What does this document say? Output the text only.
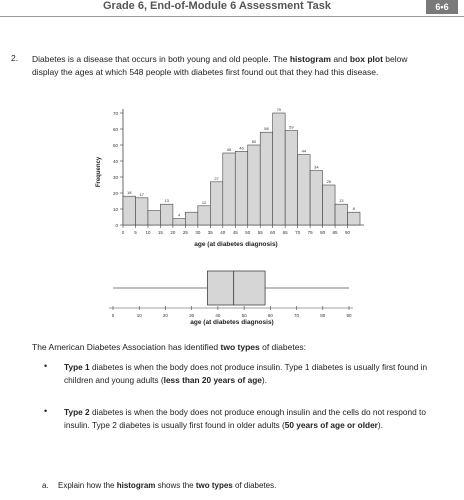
Grade 6, End-of-Module 6 Assessment Task	6•6
2. Diabetes is a disease that occurs in both young and old people. The histogram and box plot below display the ages at which 548 people with diabetes first found out that they had this disease.
Frequency
age (at diabetes diagnosis)
0
10
20
30
40
50
60
70
18 17
13
4
12
27
45 46
50
58
70
59
44
34
25
13
8
0 5 10 15 20 25 30 35 40 45 50 55 60 65 70 75 80 85 90
age (at diabetes diagnosis)
0	10	20	30	40	50	60	70	80	90
The American Diabetes Association has identified two types of diabetes:
• Type 1 diabetes is when the body does not produce insulin. Type 1 diabetes is usually first found in children and young adults (less than 20 years of age).
• Type 2 diabetes is when the body does not produce enough insulin and the cells do not respond to insulin. Type 2 diabetes is usually first found in older adults (50 years of age or older).
a. Explain how the histogram shows the two types of diabetes.
